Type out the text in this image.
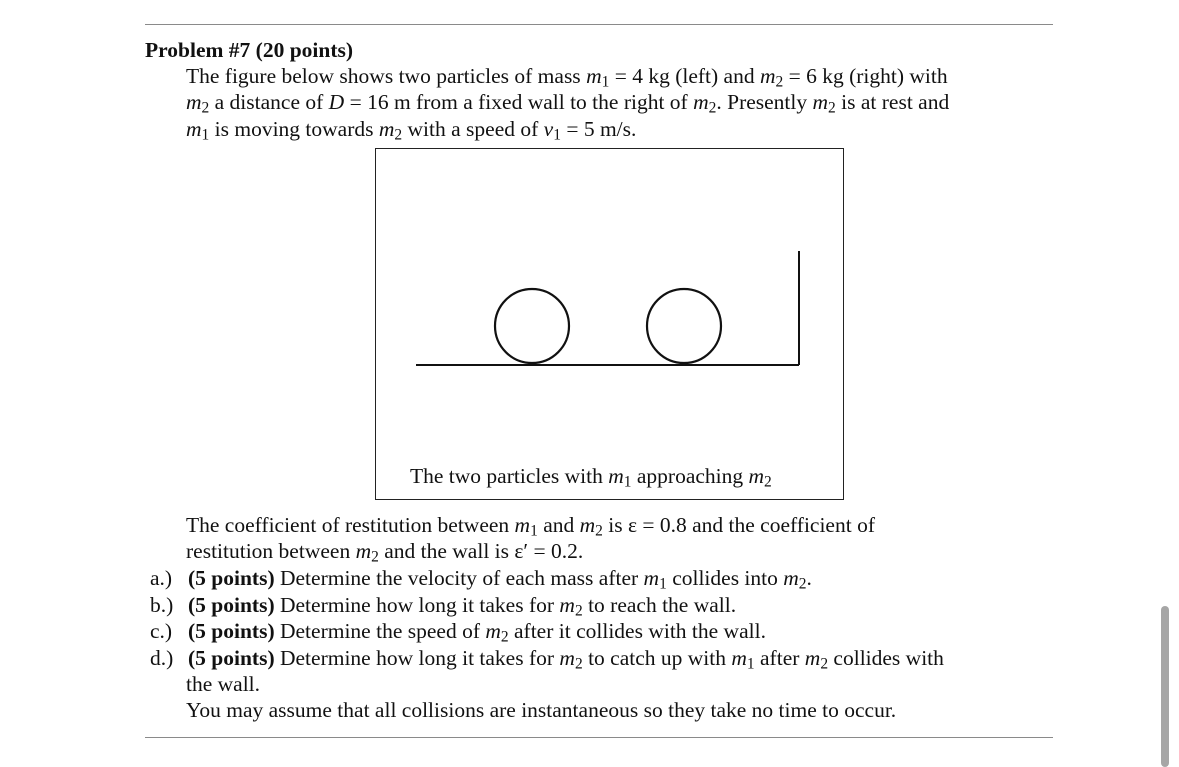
Problem #7 (20 points)

The figure below shows two particles of mass $m_1 = 4$ kg (left) and $m_2 = 6$ kg (right) with

$m_2$ a distance of D = 16 m from a fixed wall to the right of $m_2$. Presently $m_2$ is at rest and

$m_1$ is moving towards $m_2$ with a speed of $v_1 = 5$ m/s.

The two particles with $m_1$ approaching $m_2$

The coefficient of restitution between $m_1$ and $m_2$ is ε = 0.8 and the coefficient of

restitution between $m_2$ and the wall is ε′ = 0.2.

a.) (5 points) Determine the velocity of each mass after $m_1$ collides into $m_2$.
b.) (5 points) Determine how long it takes for $m_2$ to reach the wall.
c.) (5 points) Determine the speed of $m_2$ after it collides with the wall.
d.) (5 points) Determine how long it takes for $m_2$ to catch up with $m_1$ after $m_2$ collides with

the wall.

You may assume that all collisions are instantaneous so they take no time to occur.
